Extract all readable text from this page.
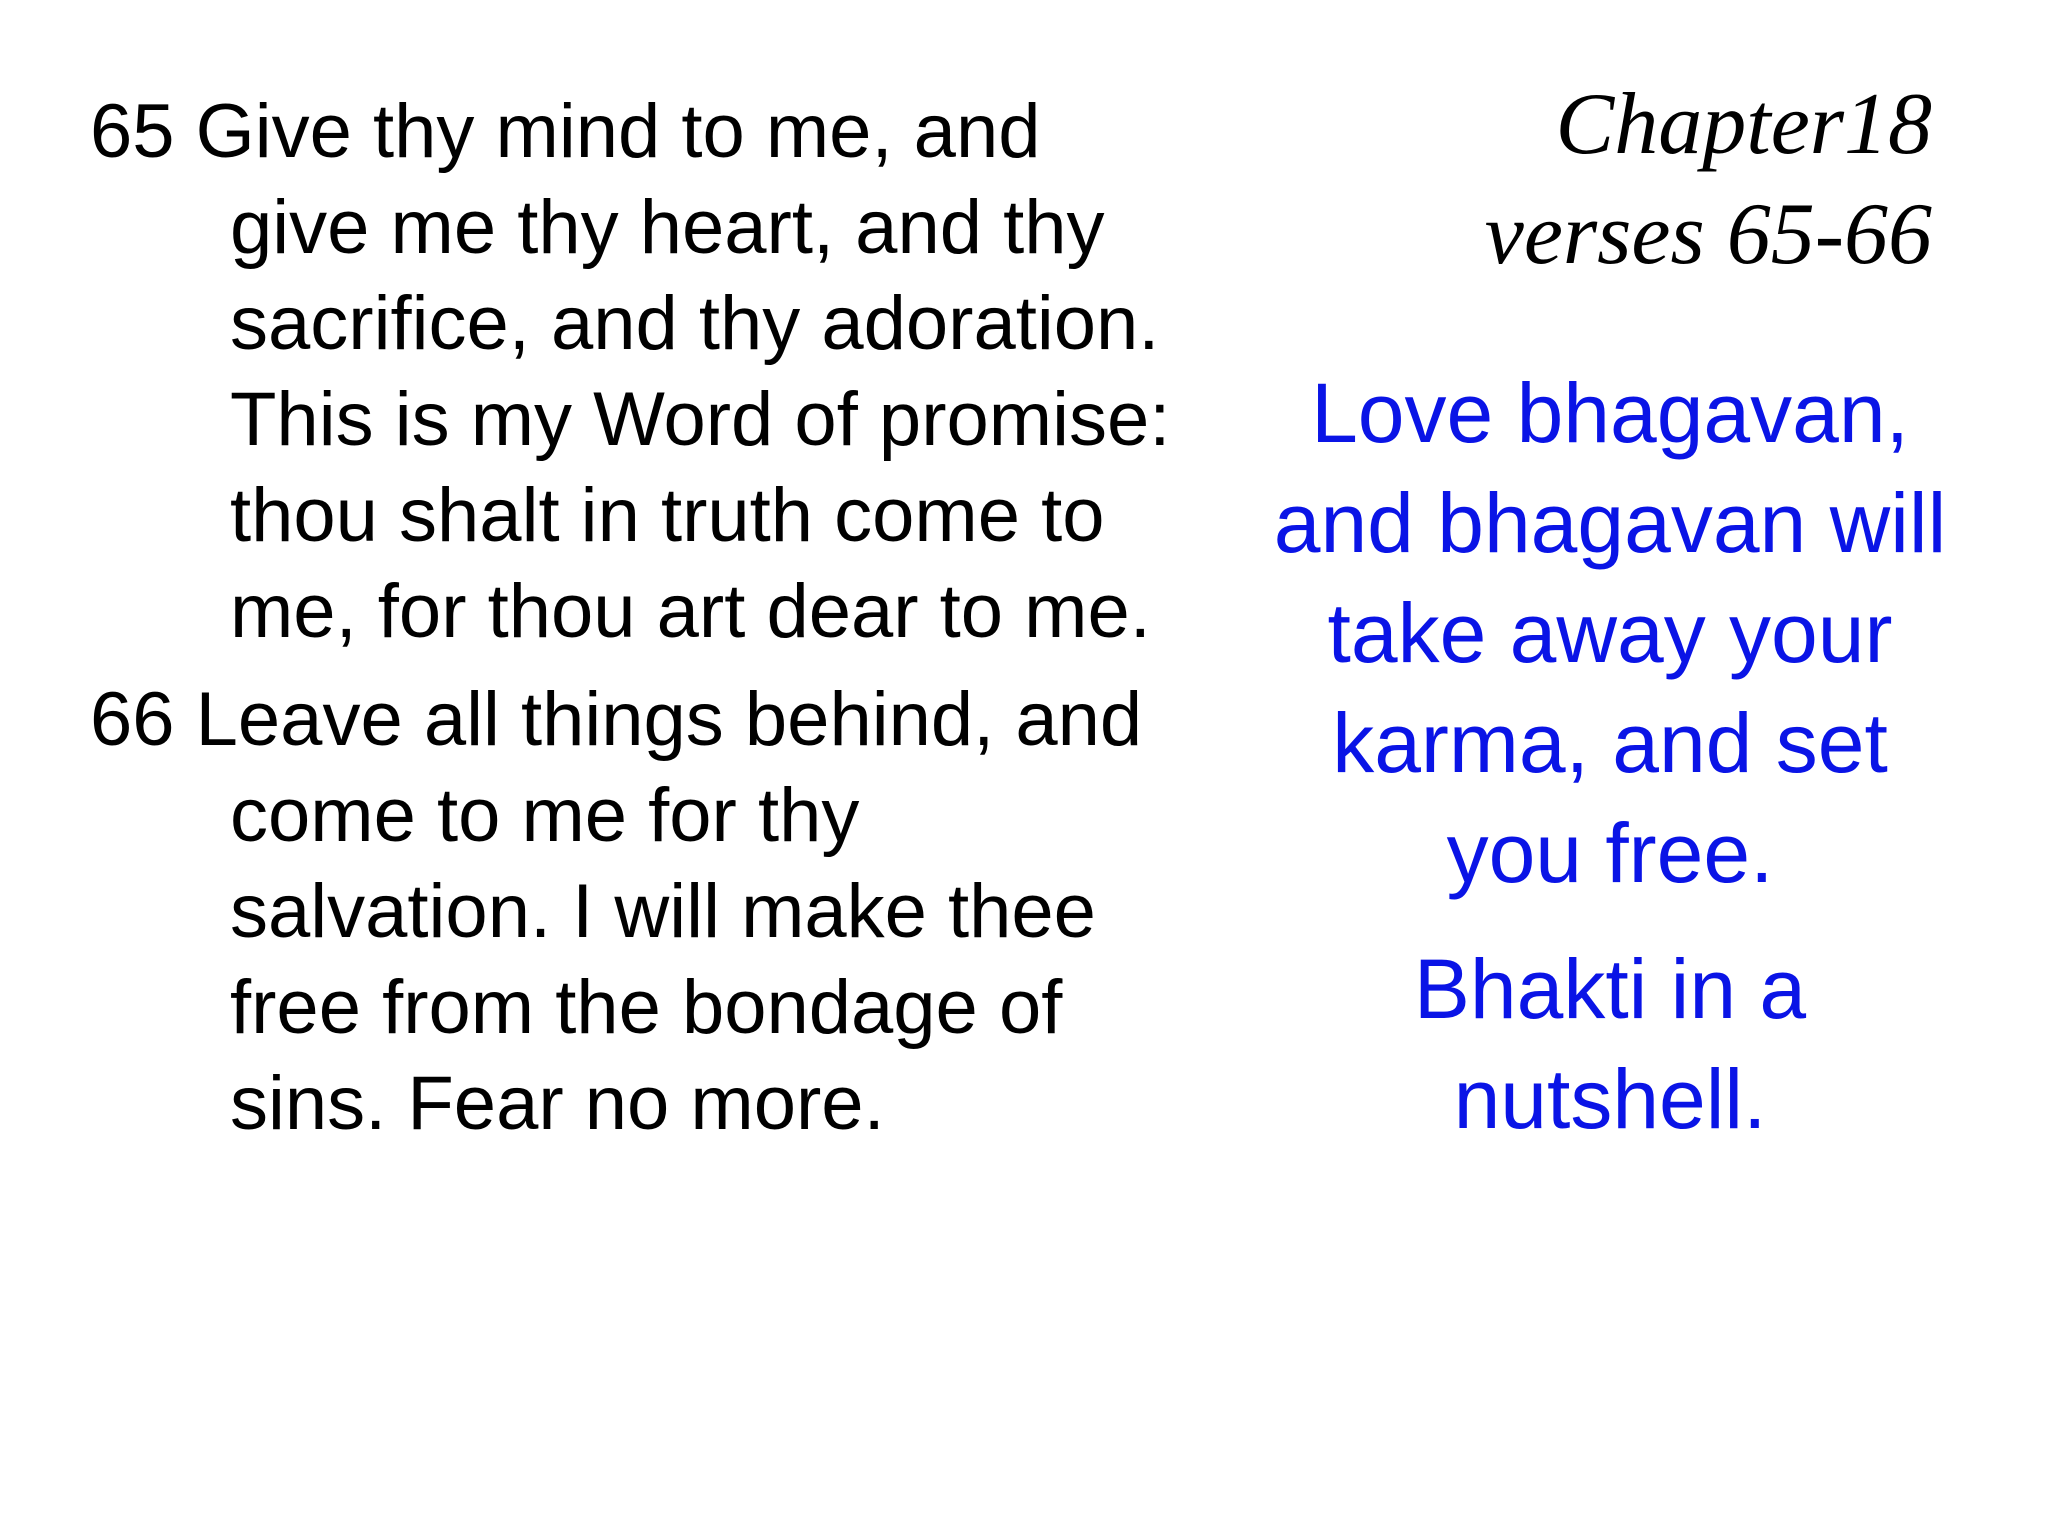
65 Give thy mind to me, and give me thy heart, and thy sacrifice, and thy adoration. This is my Word of promise: thou shalt in truth come to me, for thou art dear to me.

66 Leave all things behind, and come to me for thy salvation. I will make thee free from the bondage of sins. Fear no more.

Chapter18
verses 65-66

Love bhagavan, and bhagavan will take away your karma, and set you free.

Bhakti in a nutshell.
